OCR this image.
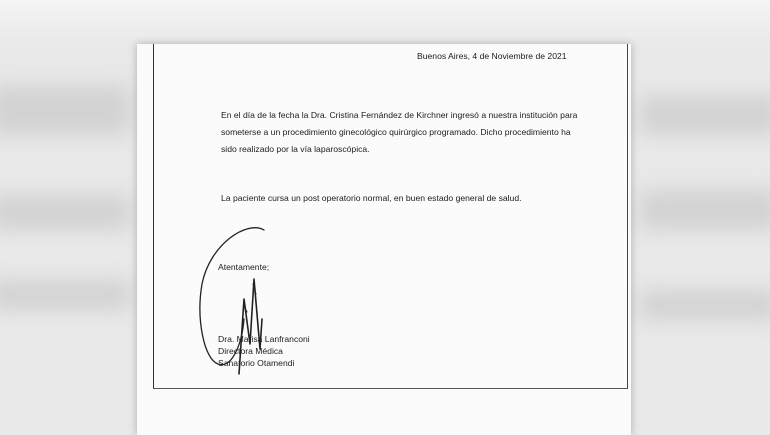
Buenos Aires, 4 de Noviembre de 2021
En el día de la fecha la Dra. Cristina Fernández de Kirchner ingresó a nuestra institución para
someterse a un procedimiento ginecológico quirúrgico programado. Dicho procedimiento ha
sido realizado por la vía laparoscópica.
La paciente cursa un post operatorio normal, en buen estado general de salud.
Atentamente;
Dra. Marisa Lanfranconi
Directora Médica
Sanatorio Otamendi
